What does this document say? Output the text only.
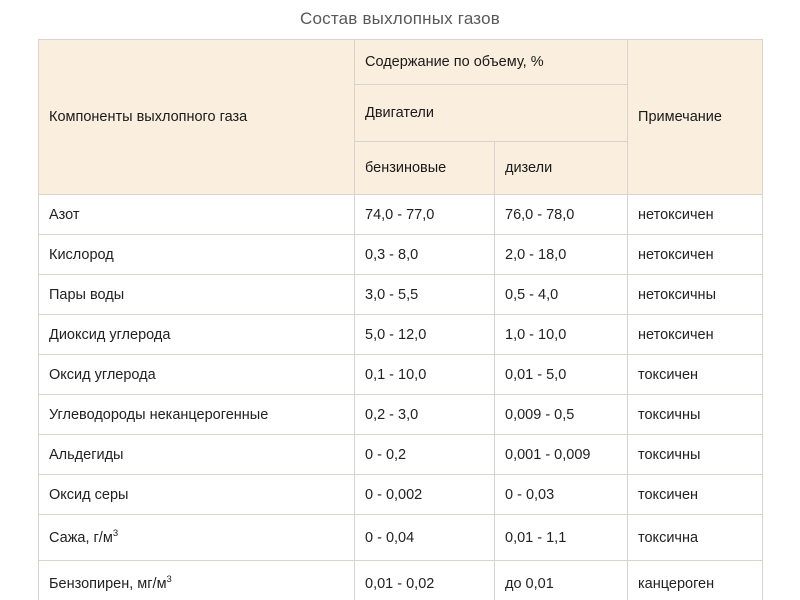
Состав выхлопных газов
Компоненты выхлопного газа	Содержание по объему, %		Примечание
	Двигатели		
	бензиновые	дизели	
Азот	74,0 - 77,0	76,0 - 78,0	нетоксичен
Кислород	0,3 - 8,0	2,0 - 18,0	нетоксичен
Пары воды	3,0 - 5,5	0,5 - 4,0	нетоксичны
Диоксид углерода	5,0 - 12,0	1,0 - 10,0	нетоксичен
Оксид углерода	0,1 - 10,0	0,01 - 5,0	токсичен
Углеводороды неканцерогенные	0,2 - 3,0	0,009 - 0,5	токсичны
Альдегиды	0 - 0,2	0,001 - 0,009	токсичны
Оксид серы	0 - 0,002	0 - 0,03	токсичен
Сажа, $г/м^3$	0 - 0,04	0,01 - 1,1	токсична
Бензопирен, $мг/м^3$	0,01 - 0,02	до 0,01	канцероген
